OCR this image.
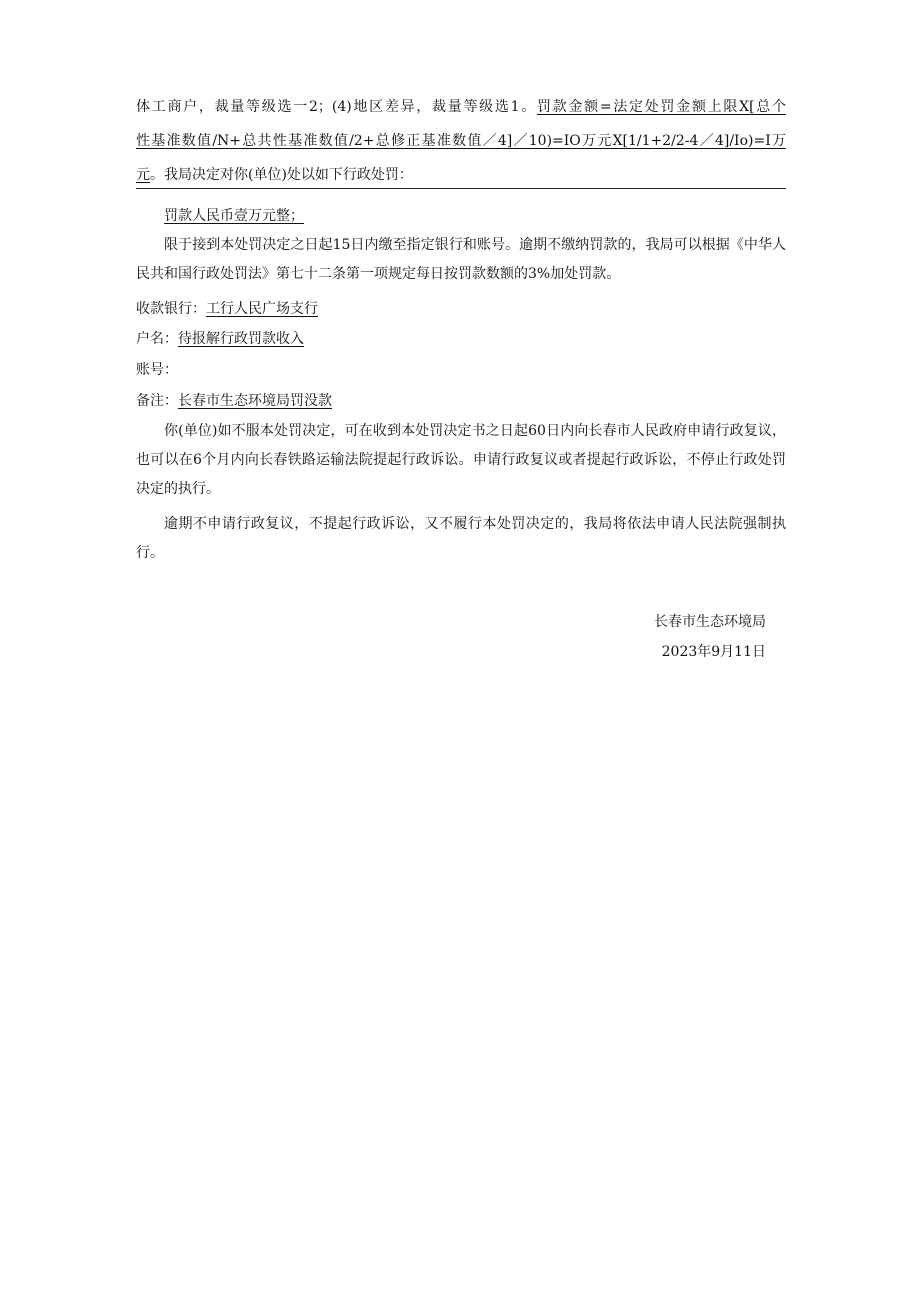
体工商户，裁量等级选一2；(4)地区差异，裁量等级选1。罚款金额=法定处罚金额上限X[总个

性基准数值/N+总共性基准数值/2+总修正基准数值／4]／10)=IO万元X[1/1+2/2-4／4]/Io)=I万

元。我局决定对你(单位)处以如下行政处罚：

罚款人民币壹万元整；

限于接到本处罚决定之日起15日内缴至指定银行和账号。逾期不缴纳罚款的，我局可以根据《中华人民共和国行政处罚法》第七十二条第一项规定每日按罚款数额的3%加处罚款。

收款银行：工行人民广场支行

户名：待报解行政罚款收入

账号：

备注：长春市生态环境局罚没款

你(单位)如不服本处罚决定，可在收到本处罚决定书之日起60日内向长春市人民政府申请行政复议，也可以在6个月内向长春铁路运输法院提起行政诉讼。申请行政复议或者提起行政诉讼，不停止行政处罚决定的执行。

逾期不申请行政复议，不提起行政诉讼，又不履行本处罚决定的，我局将依法申请人民法院强制执行。

长春市生态环境局
2023年9月11日
